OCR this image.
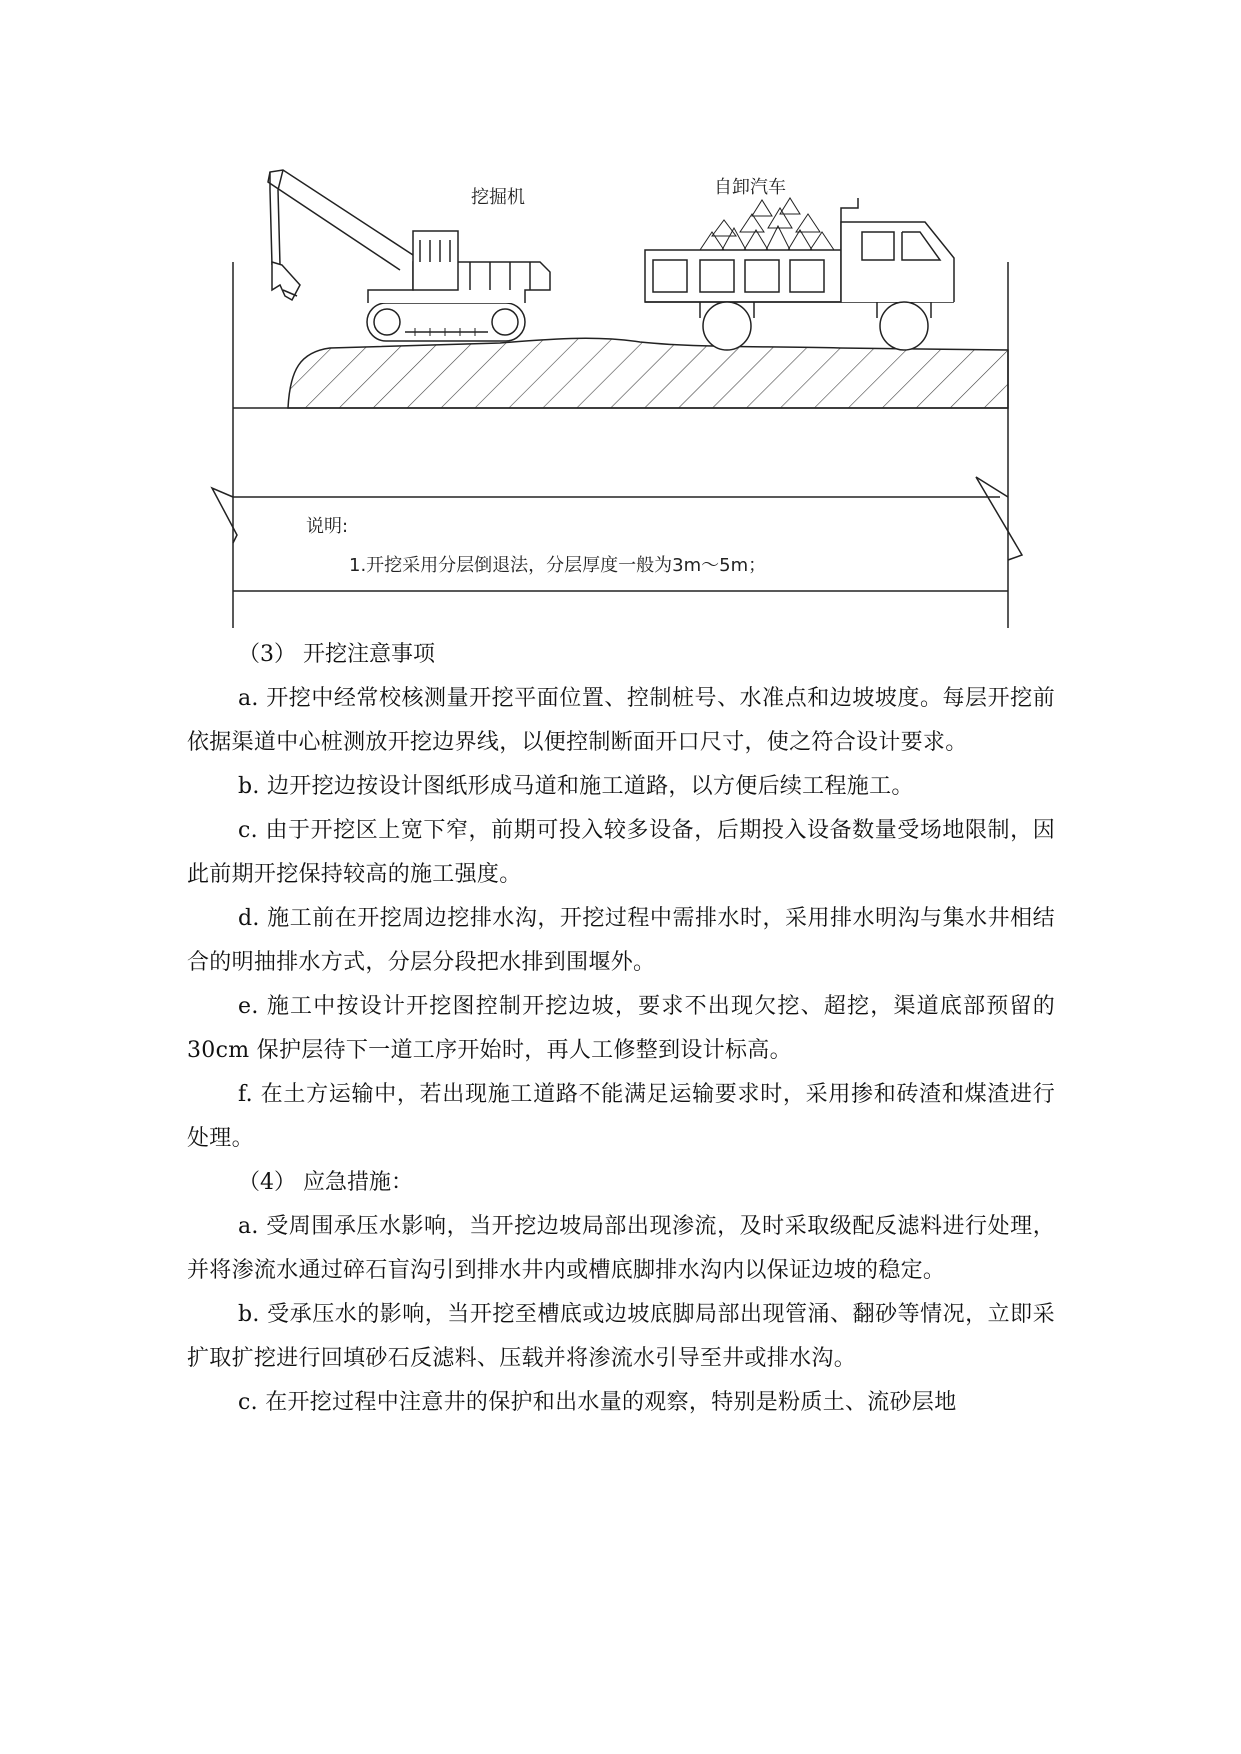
挖掘机	自卸汽车
说明:
1.开挖采用分层倒退法，分层厚度一般为3m～5m；

（3） 开挖注意事项

a. 开挖中经常校核测量开挖平面位置、控制桩号、水准点和边坡坡度。每层开挖前依据渠道中心桩测放开挖边界线，以便控制断面开口尺寸，使之符合设计要求。

b. 边开挖边按设计图纸形成马道和施工道路，以方便后续工程施工。

c. 由于开挖区上宽下窄，前期可投入较多设备，后期投入设备数量受场地限制，因此前期开挖保持较高的施工强度。

d. 施工前在开挖周边挖排水沟，开挖过程中需排水时，采用排水明沟与集水井相结合的明抽排水方式，分层分段把水排到围堰外。

e. 施工中按设计开挖图控制开挖边坡，要求不出现欠挖、超挖，渠道底部预留的 30cm 保护层待下一道工序开始时，再人工修整到设计标高。

f. 在土方运输中，若出现施工道路不能满足运输要求时，采用掺和砖渣和煤渣进行处理。

（4） 应急措施：

a. 受周围承压水影响，当开挖边坡局部出现渗流，及时采取级配反滤料进行处理，并将渗流水通过碎石盲沟引到排水井内或槽底脚排水沟内以保证边坡的稳定。

b. 受承压水的影响，当开挖至槽底或边坡底脚局部出现管涌、翻砂等情况，立即采扩取扩挖进行回填砂石反滤料、压载并将渗流水引导至井或排水沟。

c. 在开挖过程中注意井的保护和出水量的观察，特别是粉质土、流砂层地
